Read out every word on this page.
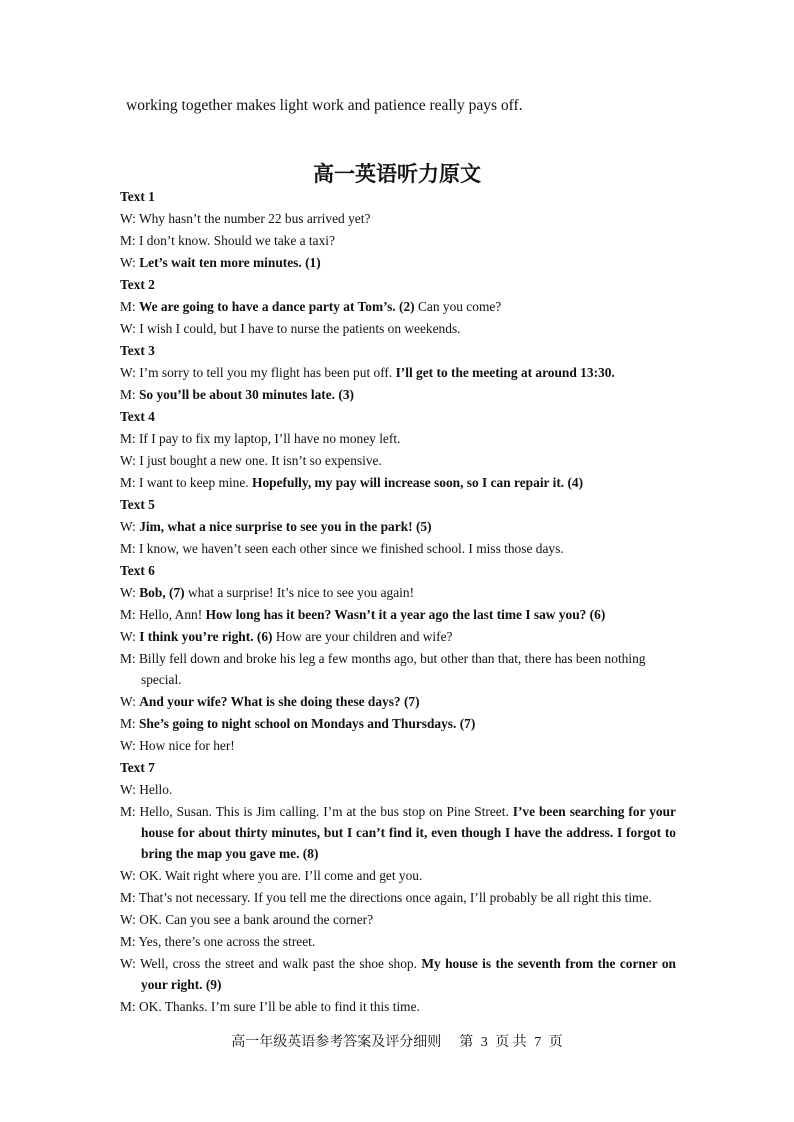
working together makes light work and patience really pays off.
高一英语听力原文
Text 1
W: Why hasn’t the number 22 bus arrived yet?
M: I don’t know. Should we take a taxi?
W: Let’s wait ten more minutes. (1)
Text 2
M: We are going to have a dance party at Tom’s. (2) Can you come?
W: I wish I could, but I have to nurse the patients on weekends.
Text 3
W: I’m sorry to tell you my flight has been put off. I’ll get to the meeting at around 13:30.
M: So you’ll be about 30 minutes late. (3)
Text 4
M: If I pay to fix my laptop, I’ll have no money left.
W: I just bought a new one. It isn’t so expensive.
M: I want to keep mine. Hopefully, my pay will increase soon, so I can repair it. (4)
Text 5
W: Jim, what a nice surprise to see you in the park! (5)
M: I know, we haven’t seen each other since we finished school. I miss those days.
Text 6
W: Bob, (7) what a surprise! It’s nice to see you again!
M: Hello, Ann! How long has it been? Wasn’t it a year ago the last time I saw you? (6)
W: I think you’re right. (6) How are your children and wife?
M: Billy fell down and broke his leg a few months ago, but other than that, there has been nothing special.
W: And your wife? What is she doing these days? (7)
M: She’s going to night school on Mondays and Thursdays. (7)
W: How nice for her!
Text 7
W: Hello.
M: Hello, Susan. This is Jim calling. I’m at the bus stop on Pine Street. I’ve been searching for your house for about thirty minutes, but I can’t find it, even though I have the address. I forgot to bring the map you gave me. (8)
W: OK. Wait right where you are. I’ll come and get you.
M: That’s not necessary. If you tell me the directions once again, I’ll probably be all right this time.
W: OK. Can you see a bank around the corner?
M: Yes, there’s one across the street.
W: Well, cross the street and walk past the shoe shop. My house is the seventh from the corner on your right. (9)
M: OK. Thanks. I’m sure I’ll be able to find it this time.
高一年级英语参考答案及评分细则 第 3 页 共 7 页
